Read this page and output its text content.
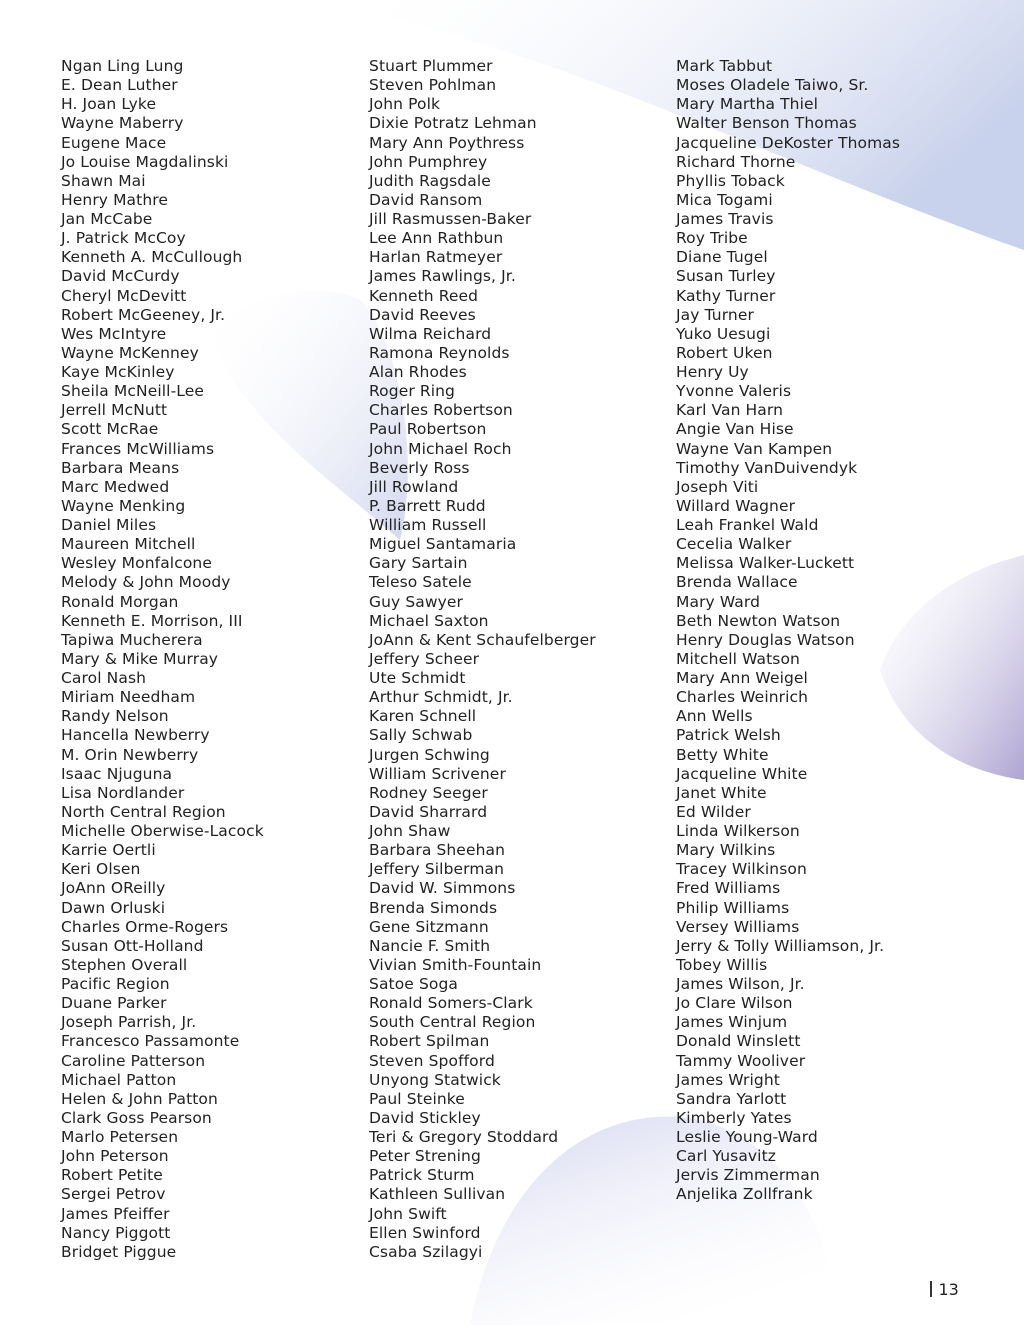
Ngan Ling Lung
E. Dean Luther
H. Joan Lyke
Wayne Maberry
Eugene Mace
Jo Louise Magdalinski
Shawn Mai
Henry Mathre
Jan McCabe
J. Patrick McCoy
Kenneth A. McCullough
David McCurdy
Cheryl McDevitt
Robert McGeeney, Jr.
Wes McIntyre
Wayne McKenney
Kaye McKinley
Sheila McNeill-Lee
Jerrell McNutt
Scott McRae
Frances McWilliams
Barbara Means
Marc Medwed
Wayne Menking
Daniel Miles
Maureen Mitchell
Wesley Monfalcone
Melody & John Moody
Ronald Morgan
Kenneth E. Morrison, III
Tapiwa Mucherera
Mary & Mike Murray
Carol Nash
Miriam Needham
Randy Nelson
Hancella Newberry
M. Orin Newberry
Isaac Njuguna
Lisa Nordlander
North Central Region
Michelle Oberwise-Lacock
Karrie Oertli
Keri Olsen
JoAnn OReilly
Dawn Orluski
Charles Orme-Rogers
Susan Ott-Holland
Stephen Overall
Pacific Region
Duane Parker
Joseph Parrish, Jr.
Francesco Passamonte
Caroline Patterson
Michael Patton
Helen & John Patton
Clark Goss Pearson
Marlo Petersen
John Peterson
Robert Petite
Sergei Petrov
James Pfeiffer
Nancy Piggott
Bridget Piggue
Stuart Plummer
Steven Pohlman
John Polk
Dixie Potratz Lehman
Mary Ann Poythress
John Pumphrey
Judith Ragsdale
David Ransom
Jill Rasmussen-Baker
Lee Ann Rathbun
Harlan Ratmeyer
James Rawlings, Jr.
Kenneth Reed
David Reeves
Wilma Reichard
Ramona Reynolds
Alan Rhodes
Roger Ring
Charles Robertson
Paul Robertson
John Michael Roch
Beverly Ross
Jill Rowland
P. Barrett Rudd
William Russell
Miguel Santamaria
Gary Sartain
Teleso Satele
Guy Sawyer
Michael Saxton
JoAnn & Kent Schaufelberger
Jeffery Scheer
Ute Schmidt
Arthur Schmidt, Jr.
Karen Schnell
Sally Schwab
Jurgen Schwing
William Scrivener
Rodney Seeger
David Sharrard
John Shaw
Barbara Sheehan
Jeffery Silberman
David W. Simmons
Brenda Simonds
Gene Sitzmann
Nancie F. Smith
Vivian Smith-Fountain
Satoe Soga
Ronald Somers-Clark
South Central Region
Robert Spilman
Steven Spofford
Unyong Statwick
Paul Steinke
David Stickley
Teri & Gregory Stoddard
Peter Strening
Patrick Sturm
Kathleen Sullivan
John Swift
Ellen Swinford
Csaba Szilagyi
Mark Tabbut
Moses Oladele Taiwo, Sr.
Mary Martha Thiel
Walter Benson Thomas
Jacqueline DeKoster Thomas
Richard Thorne
Phyllis Toback
Mica Togami
James Travis
Roy Tribe
Diane Tugel
Susan Turley
Kathy Turner
Jay Turner
Yuko Uesugi
Robert Uken
Henry Uy
Yvonne Valeris
Karl Van Harn
Angie Van Hise
Wayne Van Kampen
Timothy VanDuivendyk
Joseph Viti
Willard Wagner
Leah Frankel Wald
Cecelia Walker
Melissa Walker-Luckett
Brenda Wallace
Mary Ward
Beth Newton Watson
Henry Douglas Watson
Mitchell Watson
Mary Ann Weigel
Charles Weinrich
Ann Wells
Patrick Welsh
Betty White
Jacqueline White
Janet White
Ed Wilder
Linda Wilkerson
Mary Wilkins
Tracey Wilkinson
Fred Williams
Philip Williams
Versey Williams
Jerry & Tolly Williamson, Jr.
Tobey Willis
James Wilson, Jr.
Jo Clare Wilson
James Winjum
Donald Winslett
Tammy Wooliver
James Wright
Sandra Yarlott
Kimberly Yates
Leslie Young-Ward
Carl Yusavitz
Jervis Zimmerman
Anjelika Zollfrank
13
